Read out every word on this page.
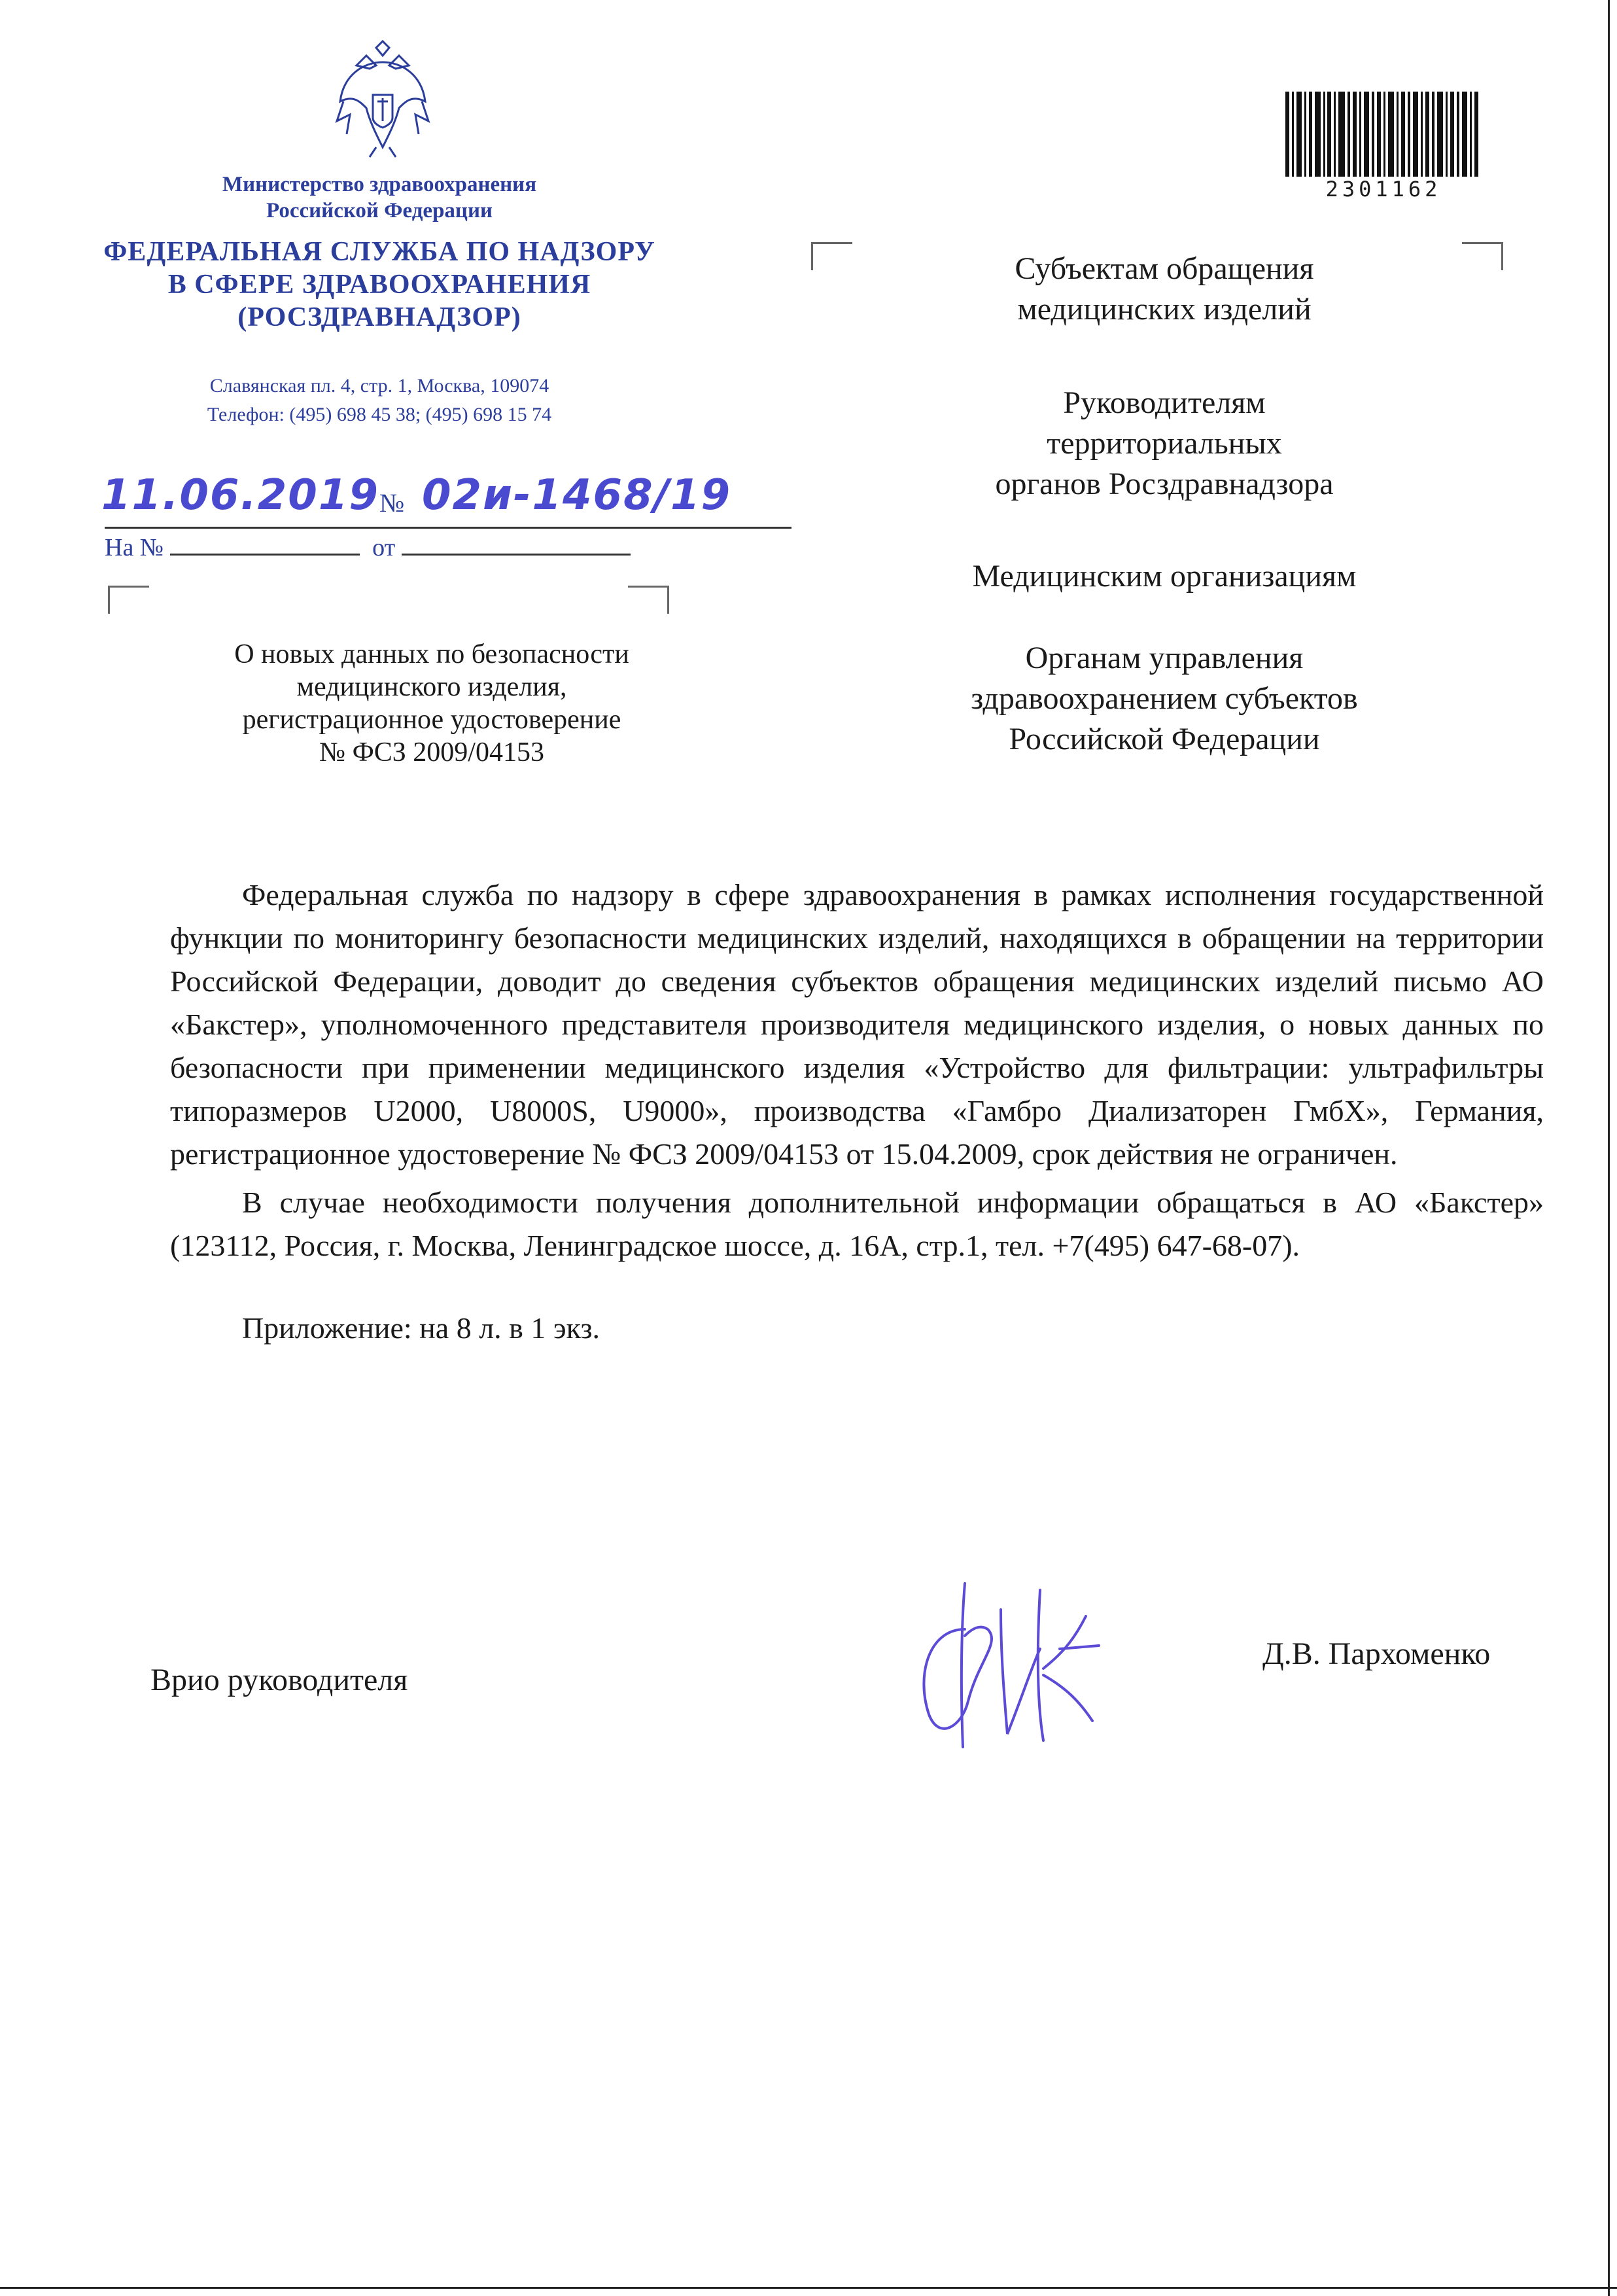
Министерство здравоохранения
Российской Федерации
ФЕДЕРАЛЬНАЯ СЛУЖБА ПО НАДЗОРУ
В СФЕРЕ ЗДРАВООХРАНЕНИЯ
(РОСЗДРАВНАДЗОР)
Славянская пл. 4, стр. 1, Москва, 109074
Телефон: (495) 698 45 38; (495) 698 15 74
11.06.2019 № 02и-1468/19
На №	от
О новых данных по безопасности
медицинского изделия,
регистрационное удостоверение
№ ФСЗ 2009/04153
2301162
Субъектам обращения
медицинских изделий
Руководителям
территориальных
органов Росздравнадзора
Медицинским организациям
Органам управления
здравоохранением субъектов
Российской Федерации

Федеральная служба по надзору в сфере здравоохранения в рамках исполнения государственной функции по мониторингу безопасности медицинских изделий, находящихся в обращении на территории Российской Федерации, доводит до сведения субъектов обращения медицинских изделий письмо АО «Бакстер», уполномоченного представителя производителя медицинского изделия, о новых данных по безопасности при применении медицинского изделия «Устройство для фильтрации: ультрафильтры типоразмеров U2000, U8000S, U9000», производства «Гамбро Диализаторен ГмбХ», Германия, регистрационное удостоверение № ФСЗ 2009/04153 от 15.04.2009, срок действия не ограничен.

В случае необходимости получения дополнительной информации обращаться в АО «Бакстер» (123112, Россия, г. Москва, Ленинградское шоссе, д. 16А, стр.1, тел. +7(495) 647-68-07).

Приложение: на 8 л. в 1 экз.

Врио руководителя
Д.В. Пархоменко
